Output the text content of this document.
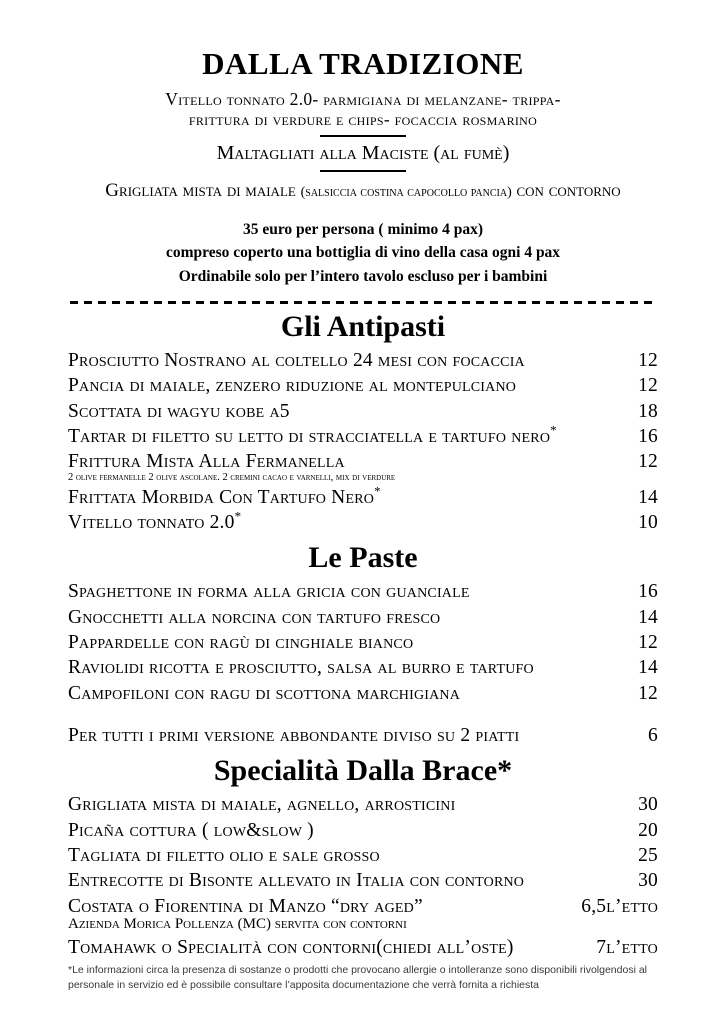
DALLA TRADIZIONE
Vitello tonnato 2.0- parmigiana di melanzane- trippa-
frittura di verdure e chips- focaccia rosmarino
Maltagliati alla Maciste (al fumè)
Grigliata mista di maiale (salsiccia costina capocollo pancia) con contorno
35 euro per persona ( minimo 4 pax)
compreso coperto una bottiglia di vino della casa ogni 4 pax
Ordinabile solo per l’intero tavolo escluso per i bambini
Gli Antipasti
Prosciutto Nostrano al coltello 24 mesi con focaccia	12
Pancia di maiale, zenzero riduzione al montepulciano	12
Scottata di wagyu kobe a5	18
Tartar di filetto su letto di stracciatella e tartufo nero*	16
Frittura Mista Alla Fermanella	12
2 olive fermanelle 2 olive ascolane. 2 cremini cacao e varnelli, mix di verdure
Frittata Morbida Con Tartufo Nero*	14
Vitello tonnato 2.0*	10
Le Paste
Spaghettone in forma alla gricia con guanciale	16
Gnocchetti alla norcina con tartufo fresco	14
Pappardelle con ragù di cinghiale bianco	12
Raviolidi ricotta e prosciutto, salsa al burro e tartufo	14
Campofiloni con ragu di scottona marchigiana	12
Per tutti i primi versione abbondante diviso su 2 piatti	6
Specialità Dalla Brace*
Grigliata mista di maiale, agnello, arrosticini	30
Picaña cottura ( low&slow )	20
Tagliata di filetto olio e sale grosso	25
Entrecotte di Bisonte allevato in Italia con contorno	30
Costata o Fiorentina di Manzo “dry aged”	6,5l’etto
Azienda Morica Pollenza (MC) servita con contorni
Tomahawk o Specialità con contorni(chiedi all’oste)	7l’etto
*Le informazioni circa la presenza di sostanze o prodotti che provocano allergie o intolleranze sono disponibili rivolgendosi al personale in servizio ed è possibile consultare l’apposita documentazione che verrà fornita a richiesta
